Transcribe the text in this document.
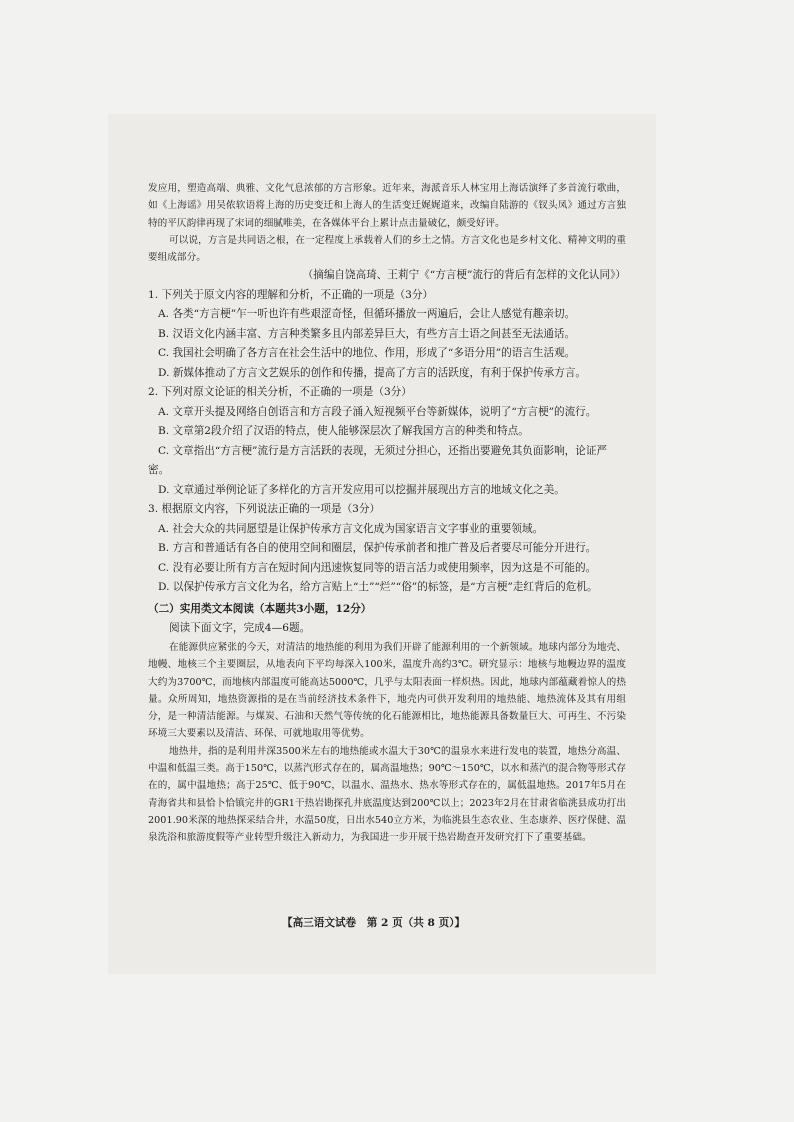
发应用，塑造高端、典雅、文化气息浓郁的方言形象。近年来，海派音乐人林宝用上海话演绎了多首流行歌曲，如《上海谣》用吴侬软语将上海的历史变迁和上海人的生活变迁娓娓道来，改编自陆游的《钗头凤》通过方言独特的平仄韵律再现了宋词的细腻唯美，在各媒体平台上累计点击量破亿，颇受好评。

可以说，方言是共同语之根，在一定程度上承载着人们的乡土之情。方言文化也是乡村文化、精神文明的重要组成部分。

（摘编自饶高琦、王莉宁《“方言梗”流行的背后有怎样的文化认同》）

1. 下列关于原文内容的理解和分析，不正确的一项是（3分）

A. 各类“方言梗”乍一听也许有些艰涩奇怪，但循环播放一两遍后，会让人感觉有趣亲切。

B. 汉语文化内涵丰富、方言种类繁多且内部差异巨大，有些方言土语之间甚至无法通话。

C. 我国社会明确了各方言在社会生活中的地位、作用，形成了“多语分用”的语言生活观。

D. 新媒体推动了方言文艺娱乐的创作和传播，提高了方言的活跃度，有利于保护传承方言。

2. 下列对原文论证的相关分析，不正确的一项是（3分）

A. 文章开头提及网络自创语言和方言段子涌入短视频平台等新媒体，说明了“方言梗”的流行。

B. 文章第2段介绍了汉语的特点，使人能够深层次了解我国方言的种类和特点。

C. 文章指出“方言梗”流行是方言活跃的表现，无须过分担心，还指出要避免其负面影响，论证严密。

D. 文章通过举例论证了多样化的方言开发应用可以挖掘并展现出方言的地域文化之美。

3. 根据原文内容，下列说法正确的一项是（3分）

A. 社会大众的共同愿望是让保护传承方言文化成为国家语言文字事业的重要领域。

B. 方言和普通话有各自的使用空间和圈层，保护传承前者和推广普及后者要尽可能分开进行。

C. 没有必要让所有方言在短时间内迅速恢复同等的语言活力或使用频率，因为这是不可能的。

D. 以保护传承方言文化为名，给方言贴上“土”“烂”“俗”的标签，是“方言梗”走红背后的危机。

（二）实用类文本阅读（本题共3小题，12分）

阅读下面文字，完成4—6题。

在能源供应紧张的今天，对清洁的地热能的利用为我们开辟了能源利用的一个新领域。地球内部分为地壳、地幔、地核三个主要圈层，从地表向下平均每深入100米，温度升高约3℃。研究显示：地核与地幔边界的温度大约为3700℃，而地核内部温度可能高达5000℃，几乎与太阳表面一样炽热。因此，地球内部蕴藏着惊人的热量。众所周知，地热资源指的是在当前经济技术条件下，地壳内可供开发利用的地热能、地热流体及其有用组分，是一种清洁能源。与煤炭、石油和天然气等传统的化石能源相比，地热能源具备数量巨大、可再生、不污染环境三大要素以及清洁、环保、可就地取用等优势。

地热井，指的是利用井深3500米左右的地热能或水温大于30℃的温泉水来进行发电的装置，地热分高温、中温和低温三类。高于150℃，以蒸汽形式存在的，属高温地热；90℃～150℃，以水和蒸汽的混合物等形式存在的，属中温地热；高于25℃、低于90℃，以温水、温热水、热水等形式存在的，属低温地热。2017年5月在青海省共和县恰卜恰镇完井的GR1干热岩勘探孔井底温度达到200℃以上；2023年2月在甘肃省临洮县成功打出2001.90米深的地热探采结合井，水温50度，日出水540立方米，为临洮县生态农业、生态康养、医疗保健、温泉洗浴和旅游度假等产业转型升级注入新动力，为我国进一步开展干热岩勘查开发研究打下了重要基础。

【高三语文试卷　第 2 页（共 8 页）】
